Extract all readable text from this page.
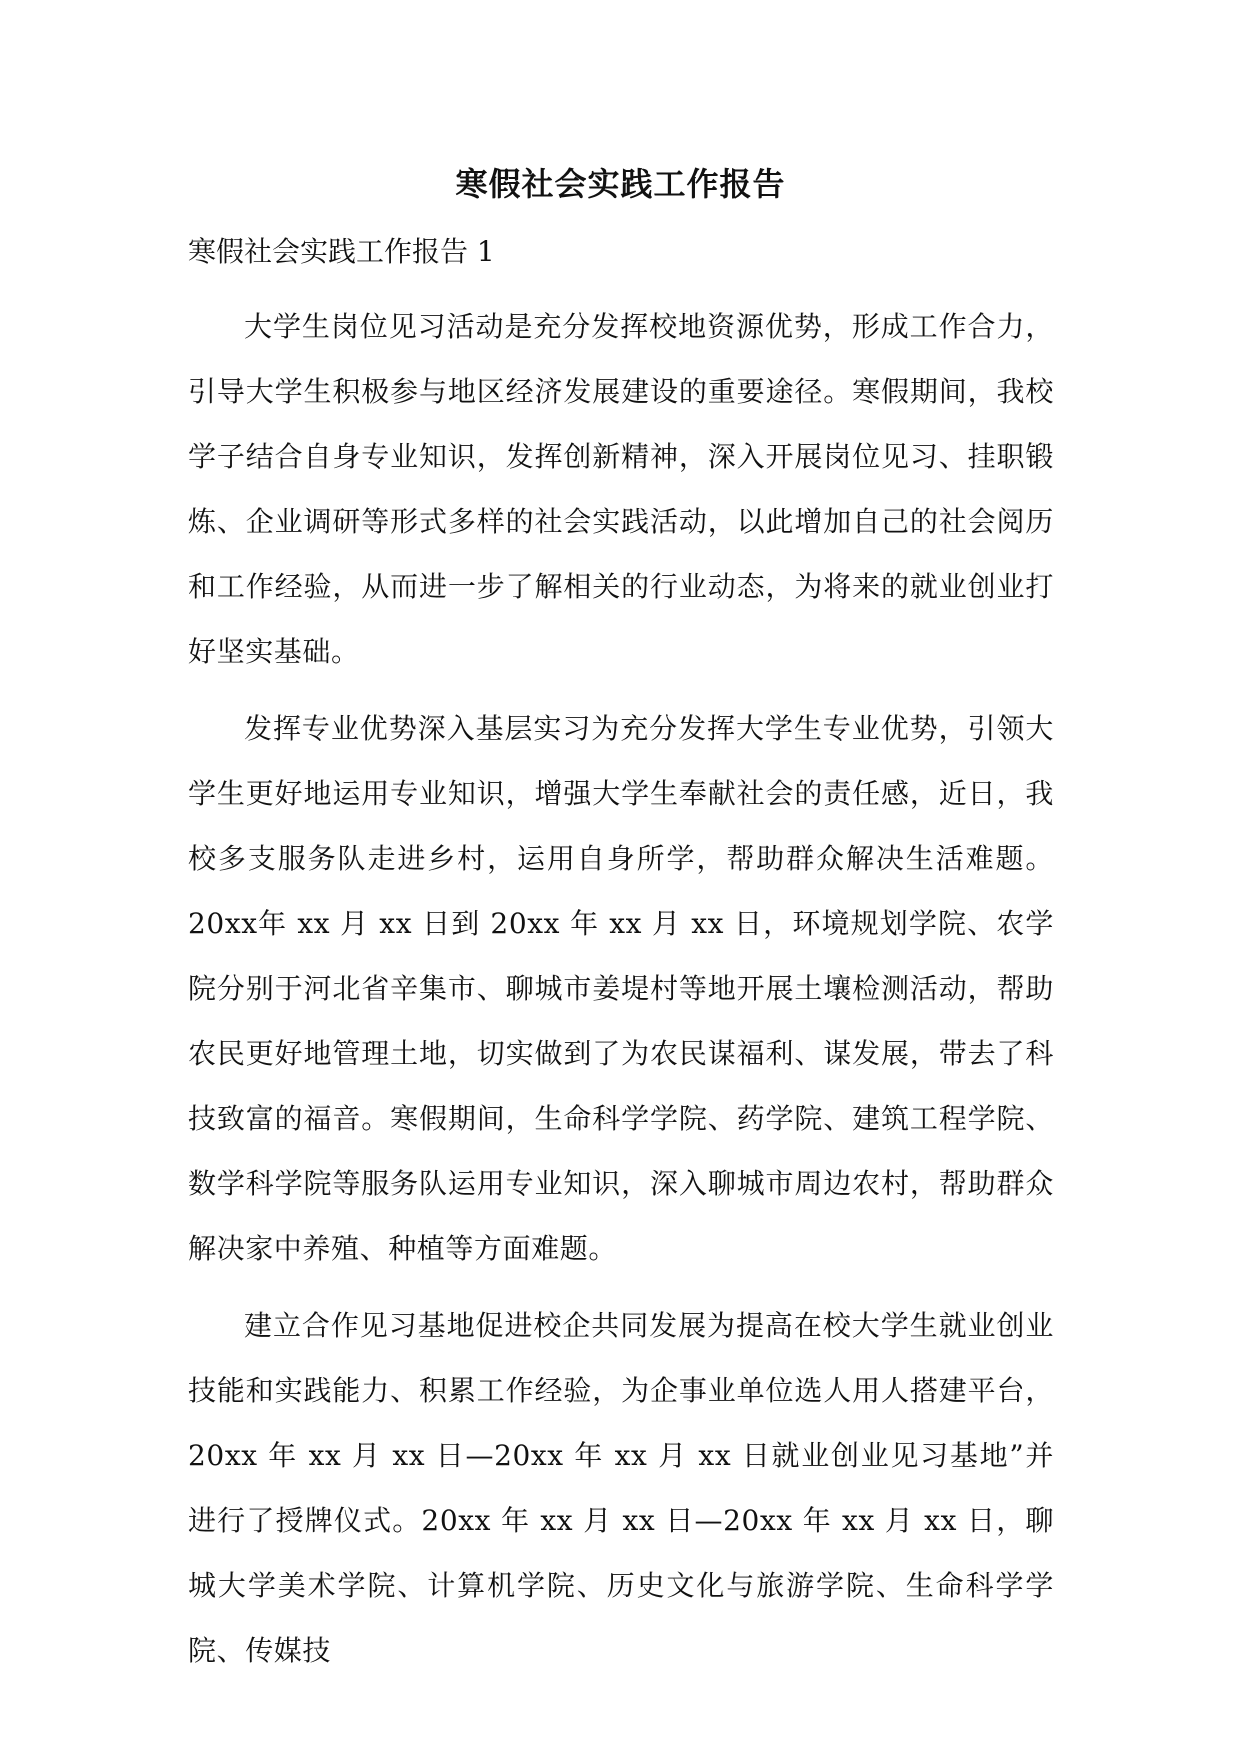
寒假社会实践工作报告

寒假社会实践工作报告 1

大学生岗位见习活动是充分发挥校地资源优势，形成工作合力，引导大学生积极参与地区经济发展建设的重要途径。寒假期间，我校学子结合自身专业知识，发挥创新精神，深入开展岗位见习、挂职锻炼、企业调研等形式多样的社会实践活动，以此增加自己的社会阅历和工作经验，从而进一步了解相关的行业动态，为将来的就业创业打好坚实基础。

发挥专业优势深入基层实习为充分发挥大学生专业优势，引领大学生更好地运用专业知识，增强大学生奉献社会的责任感，近日，我校多支服务队走进乡村，运用自身所学，帮助群众解决生活难题。20xx年 xx 月 xx 日到 20xx 年 xx 月 xx 日，环境规划学院、农学院分别于河北省辛集市、聊城市姜堤村等地开展土壤检测活动，帮助农民更好地管理土地，切实做到了为农民谋福利、谋发展，带去了科技致富的福音。寒假期间，生命科学学院、药学院、建筑工程学院、数学科学院等服务队运用专业知识，深入聊城市周边农村，帮助群众解决家中养殖、种植等方面难题。

建立合作见习基地促进校企共同发展为提高在校大学生就业创业技能和实践能力、积累工作经验，为企事业单位选人用人搭建平台，20xx 年 xx 月 xx 日—20xx 年 xx 月 xx 日就业创业见习基地”并进行了授牌仪式。20xx 年 xx 月 xx 日—20xx 年 xx 月 xx 日，聊城大学美术学院、计算机学院、历史文化与旅游学院、生命科学学院、传媒技
